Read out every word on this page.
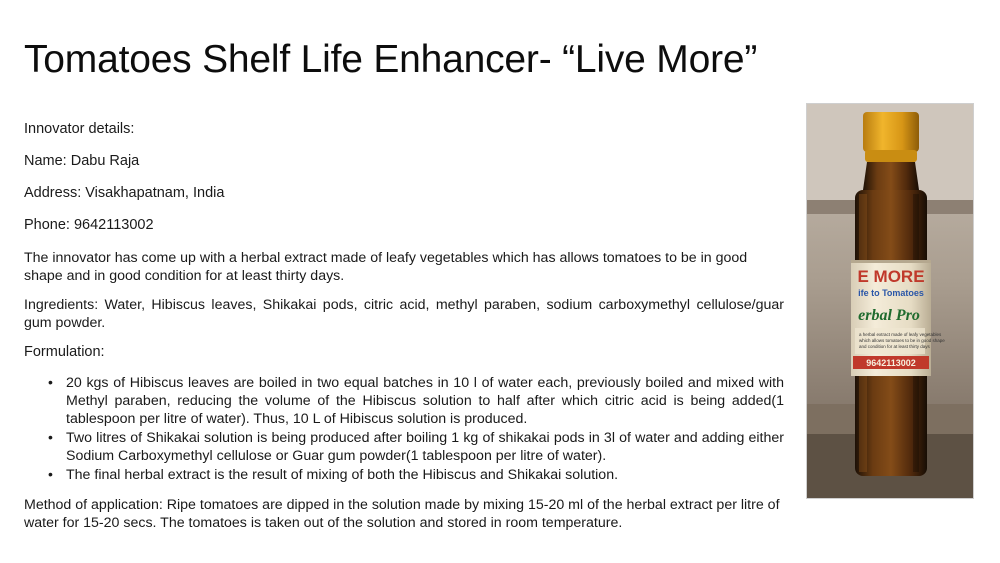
Tomatoes Shelf Life Enhancer- “Live More”
Innovator details:
Name: Dabu Raja
Address: Visakhapatnam, India
Phone: 9642113002
The innovator has come up with a herbal extract made of leafy vegetables which has allows tomatoes to be in good shape and in good condition for at least thirty days.
Ingredients: Water, Hibiscus leaves, Shikakai pods, citric acid, methyl paraben, sodium carboxymethyl cellulose/guar gum powder.
Formulation:
• 20 kgs of Hibiscus leaves are boiled in two equal batches in 10 l of water each, previously boiled and mixed with Methyl paraben, reducing the volume of the Hibiscus solution to half after which citric acid is being added(1 tablespoon per litre of water). Thus, 10 L of Hibiscus solution is produced.
• Two litres of Shikakai solution is being produced after boiling 1 kg of shikakai pods in 3l of water and adding either Sodium Carboxymethyl cellulose or Guar gum powder(1 tablespoon per litre of water).
• The final herbal extract is the result of mixing of both the Hibiscus and Shikakai solution.
Method of application: Ripe tomatoes are dipped in the solution made by mixing 15-20 ml of the herbal extract per litre of water for 15-20 secs. The tomatoes is taken out of the solution and stored in room temperature.
E MORE
ife to Tomatoes
erbal Pro
a herbal extract made of leafy vegetables
which allows tomatoes to be in good shape
and condition for at least thirty days
9642113002
